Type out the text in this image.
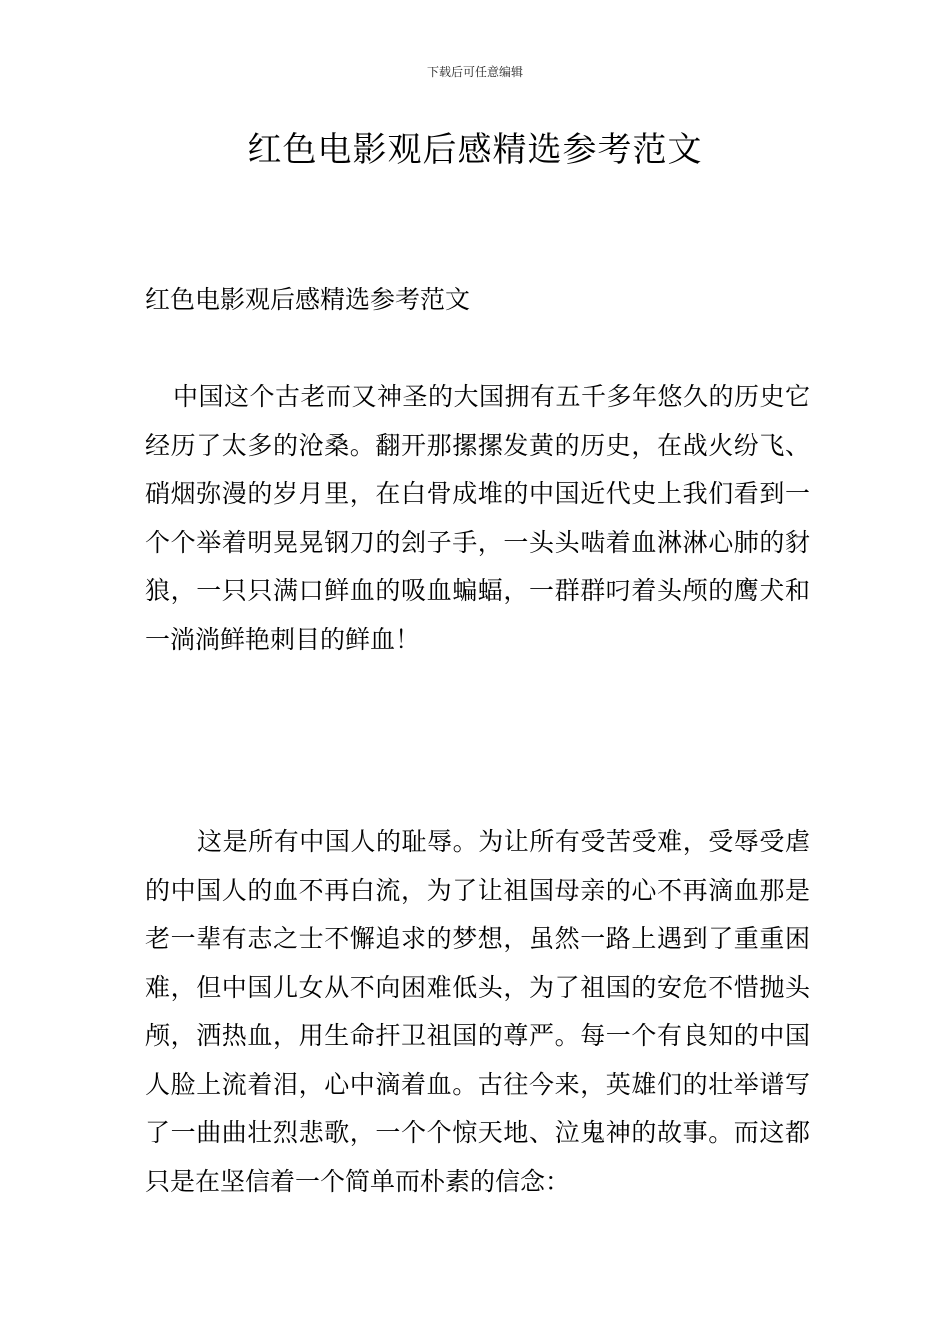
下载后可任意编辑
红色电影观后感精选参考范文

红色电影观后感精选参考范文

中国这个古老而又神圣的大国拥有五千多年悠久的历史它经历了太多的沧桑。翻开那摞摞发黄的历史，在战火纷飞、硝烟弥漫的岁月里，在白骨成堆的中国近代史上我们看到一个个举着明晃晃钢刀的刽子手，一头头啮着血淋淋心肺的豺狼，一只只满口鲜血的吸血蝙蝠，一群群叼着头颅的鹰犬和一淌淌鲜艳刺目的鲜血！

这是所有中国人的耻辱。为让所有受苦受难，受辱受虐的中国人的血不再白流，为了让祖国母亲的心不再滴血那是老一辈有志之士不懈追求的梦想，虽然一路上遇到了重重困难，但中国儿女从不向困难低头，为了祖国的安危不惜抛头颅，洒热血，用生命扞卫祖国的尊严。每一个有良知的中国人脸上流着泪，心中滴着血。古往今来，英雄们的壮举谱写了一曲曲壮烈悲歌，一个个惊天地、泣鬼神的故事。而这都只是在坚信着一个简单而朴素的信念：
